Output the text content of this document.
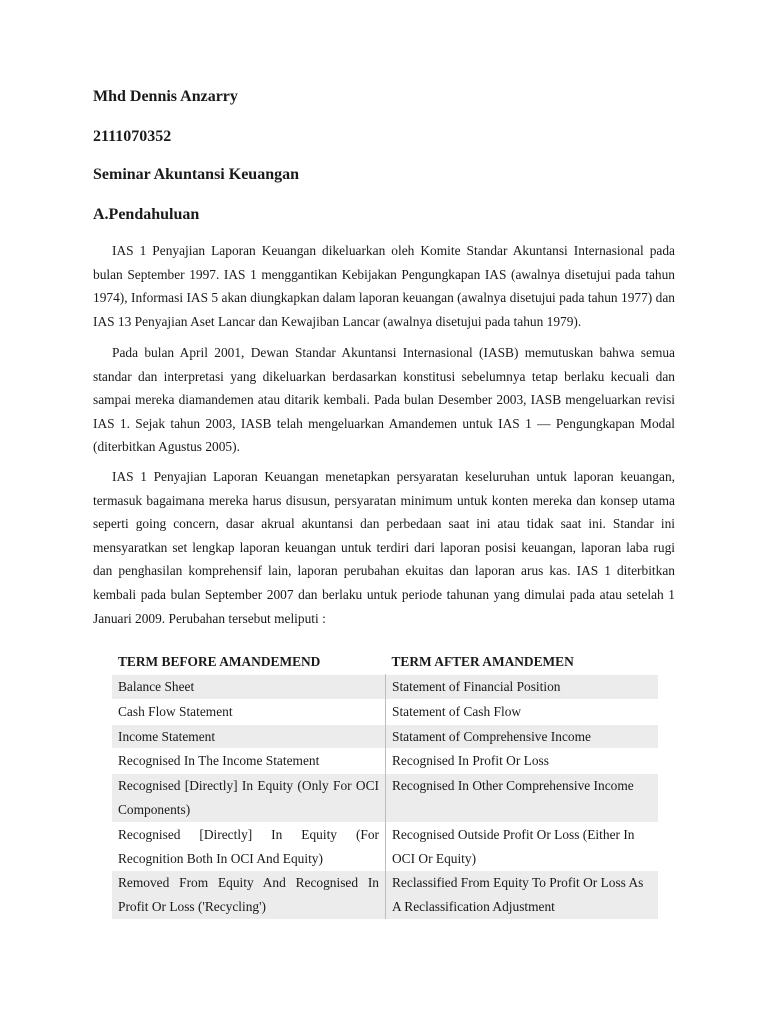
Mhd Dennis Anzarry
2111070352
Seminar Akuntansi Keuangan
A.Pendahuluan

IAS 1 Penyajian Laporan Keuangan dikeluarkan oleh Komite Standar Akuntansi Internasional pada bulan September 1997. IAS 1 menggantikan Kebijakan Pengungkapan IAS (awalnya disetujui pada tahun 1974), Informasi IAS 5 akan diungkapkan dalam laporan keuangan (awalnya disetujui pada tahun 1977) dan IAS 13 Penyajian Aset Lancar dan Kewajiban Lancar (awalnya disetujui pada tahun 1979).

Pada bulan April 2001, Dewan Standar Akuntansi Internasional (IASB) memutuskan bahwa semua standar dan interpretasi yang dikeluarkan berdasarkan konstitusi sebelumnya tetap berlaku kecuali dan sampai mereka diamandemen atau ditarik kembali. Pada bulan Desember 2003, IASB mengeluarkan revisi IAS 1. Sejak tahun 2003, IASB telah mengeluarkan Amandemen untuk IAS 1 — Pengungkapan Modal (diterbitkan Agustus 2005).

IAS 1 Penyajian Laporan Keuangan menetapkan persyaratan keseluruhan untuk laporan keuangan, termasuk bagaimana mereka harus disusun, persyaratan minimum untuk konten mereka dan konsep utama seperti going concern, dasar akrual akuntansi dan perbedaan saat ini atau tidak saat ini. Standar ini mensyaratkan set lengkap laporan keuangan untuk terdiri dari laporan posisi keuangan, laporan laba rugi dan penghasilan komprehensif lain, laporan perubahan ekuitas dan laporan arus kas. IAS 1 diterbitkan kembali pada bulan September 2007 dan berlaku untuk periode tahunan yang dimulai pada atau setelah 1 Januari 2009. Perubahan tersebut meliputi :

TERM BEFORE AMANDEMEND	TERM AFTER AMANDEMEN
Balance Sheet	Statement of Financial Position
Cash Flow Statement	Statement of Cash Flow
Income Statement	Statament of Comprehensive Income
Recognised In The Income Statement	Recognised In Profit Or Loss
Recognised [Directly] In Equity (Only For OCI Components)	Recognised In Other Comprehensive Income
Recognised [Directly] In Equity (For Recognition Both In OCI And Equity)	Recognised Outside Profit Or Loss (Either In OCI Or Equity)
Removed From Equity And Recognised In Profit Or Loss ('Recycling')	Reclassified From Equity To Profit Or Loss As A Reclassification Adjustment
